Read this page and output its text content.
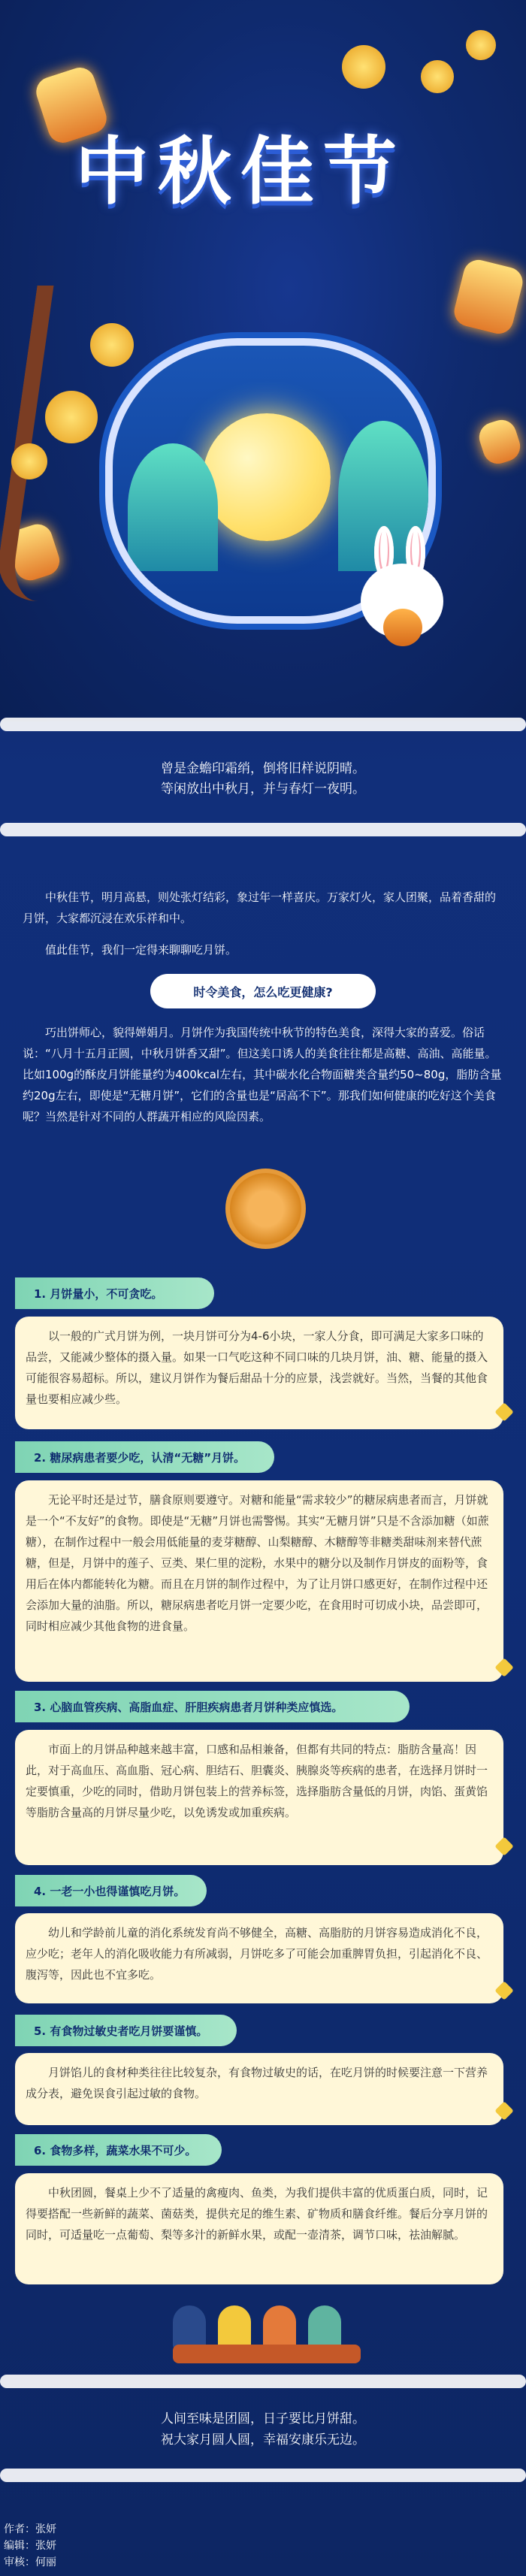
中秋佳节
曾是金蟾印霜绡，倒将旧样说阴晴。
等闲放出中秋月，并与春灯一夜明。
中秋佳节，明月高悬，则处张灯结彩，象过年一样喜庆。万家灯火，家人团聚，品着香甜的月饼，大家都沉浸在欢乐祥和中。
值此佳节，我们一定得来聊聊吃月饼。
时令美食，怎么吃更健康?
巧出饼师心，貌得婵娟月。月饼作为我国传统中秋节的特色美食，深得大家的喜爱。俗话说：“八月十五月正圆，中秋月饼香又甜”。但这美口诱人的美食往往都是高糖、高油、高能量。比如100g的酥皮月饼能量约为400kcal左右，其中碳水化合物面糖类含量约50~80g，脂肪含量约20g左右，即使是“无糖月饼”，它们的含量也是“居高不下”。那我们如何健康的吃好这个美食呢？当然是针对不同的人群蔬开相应的风险因素。
1. 月饼量小，不可贪吃。
以一般的广式月饼为例，一块月饼可分为4-6小块，一家人分食，即可满足大家多口味的品尝，又能减少整体的摄入量。如果一口气吃这种不同口味的几块月饼，油、糖、能量的摄入可能很容易超标。所以，建议月饼作为餐后甜品十分的应景，浅尝就好。当然，当餐的其他食量也要相应减少些。
2. 糖尿病患者要少吃，认清“无糖”月饼。
无论平时还是过节，膳食原则要遵守。对糖和能量“需求较少”的糖尿病患者而言，月饼就是一个“不友好”的食物。即使是“无糖”月饼也需警惕。其实“无糖月饼”只是不含添加糖（如蔗糖），在制作过程中一般会用低能量的麦芽糖醇、山梨糖醇、木糖醇等非糖类甜味剂来替代蔗糖，但是，月饼中的莲子、豆类、果仁里的淀粉，水果中的糖分以及制作月饼皮的面粉等，食用后在体内都能转化为糖。而且在月饼的制作过程中，为了让月饼口感更好，在制作过程中还会添加大量的油脂。所以，糖尿病患者吃月饼一定要少吃，在食用时可切成小块，品尝即可，同时相应减少其他食物的进食量。
3. 心脑血管疾病、高脂血症、肝胆疾病患者月饼种类应慎选。
市面上的月饼品种越来越丰富，口感和品相兼备，但都有共同的特点：脂肪含量高！因此，对于高血压、高血脂、冠心病、胆结石、胆囊炎、胰腺炎等疾病的患者，在选择月饼时一定要慎重，少吃的同时，借助月饼包装上的营养标签，选择脂肪含量低的月饼，肉馅、蛋黄馅等脂肪含量高的月饼尽量少吃，以免诱发或加重疾病。
4. 一老一小也得谨慎吃月饼。
幼儿和学龄前儿童的消化系统发育尚不够健全，高糖、高脂肪的月饼容易造成消化不良，应少吃；老年人的消化吸收能力有所减弱，月饼吃多了可能会加重脾胃负担，引起消化不良、腹泻等，因此也不宜多吃。
5. 有食物过敏史者吃月饼要谨慎。
月饼馅儿的食材种类往往比较复杂，有食物过敏史的话，在吃月饼的时候要注意一下营养成分表，避免误食引起过敏的食物。
6. 食物多样，蔬菜水果不可少。
中秋团圆，餐桌上少不了适量的禽瘦肉、鱼类，为我们提供丰富的优质蛋白质，同时，记得要搭配一些新鲜的蔬菜、菌菇类，提供充足的维生素、矿物质和膳食纤维。餐后分享月饼的同时，可适量吃一点葡萄、梨等多汁的新鲜水果，或配一壶清茶，调节口味，祛油解腻。
人间至味是团圆，日子要比月饼甜。
祝大家月圆人圆，幸福安康乐无边。
作者：张妍
编辑：张妍
审核：何丽
